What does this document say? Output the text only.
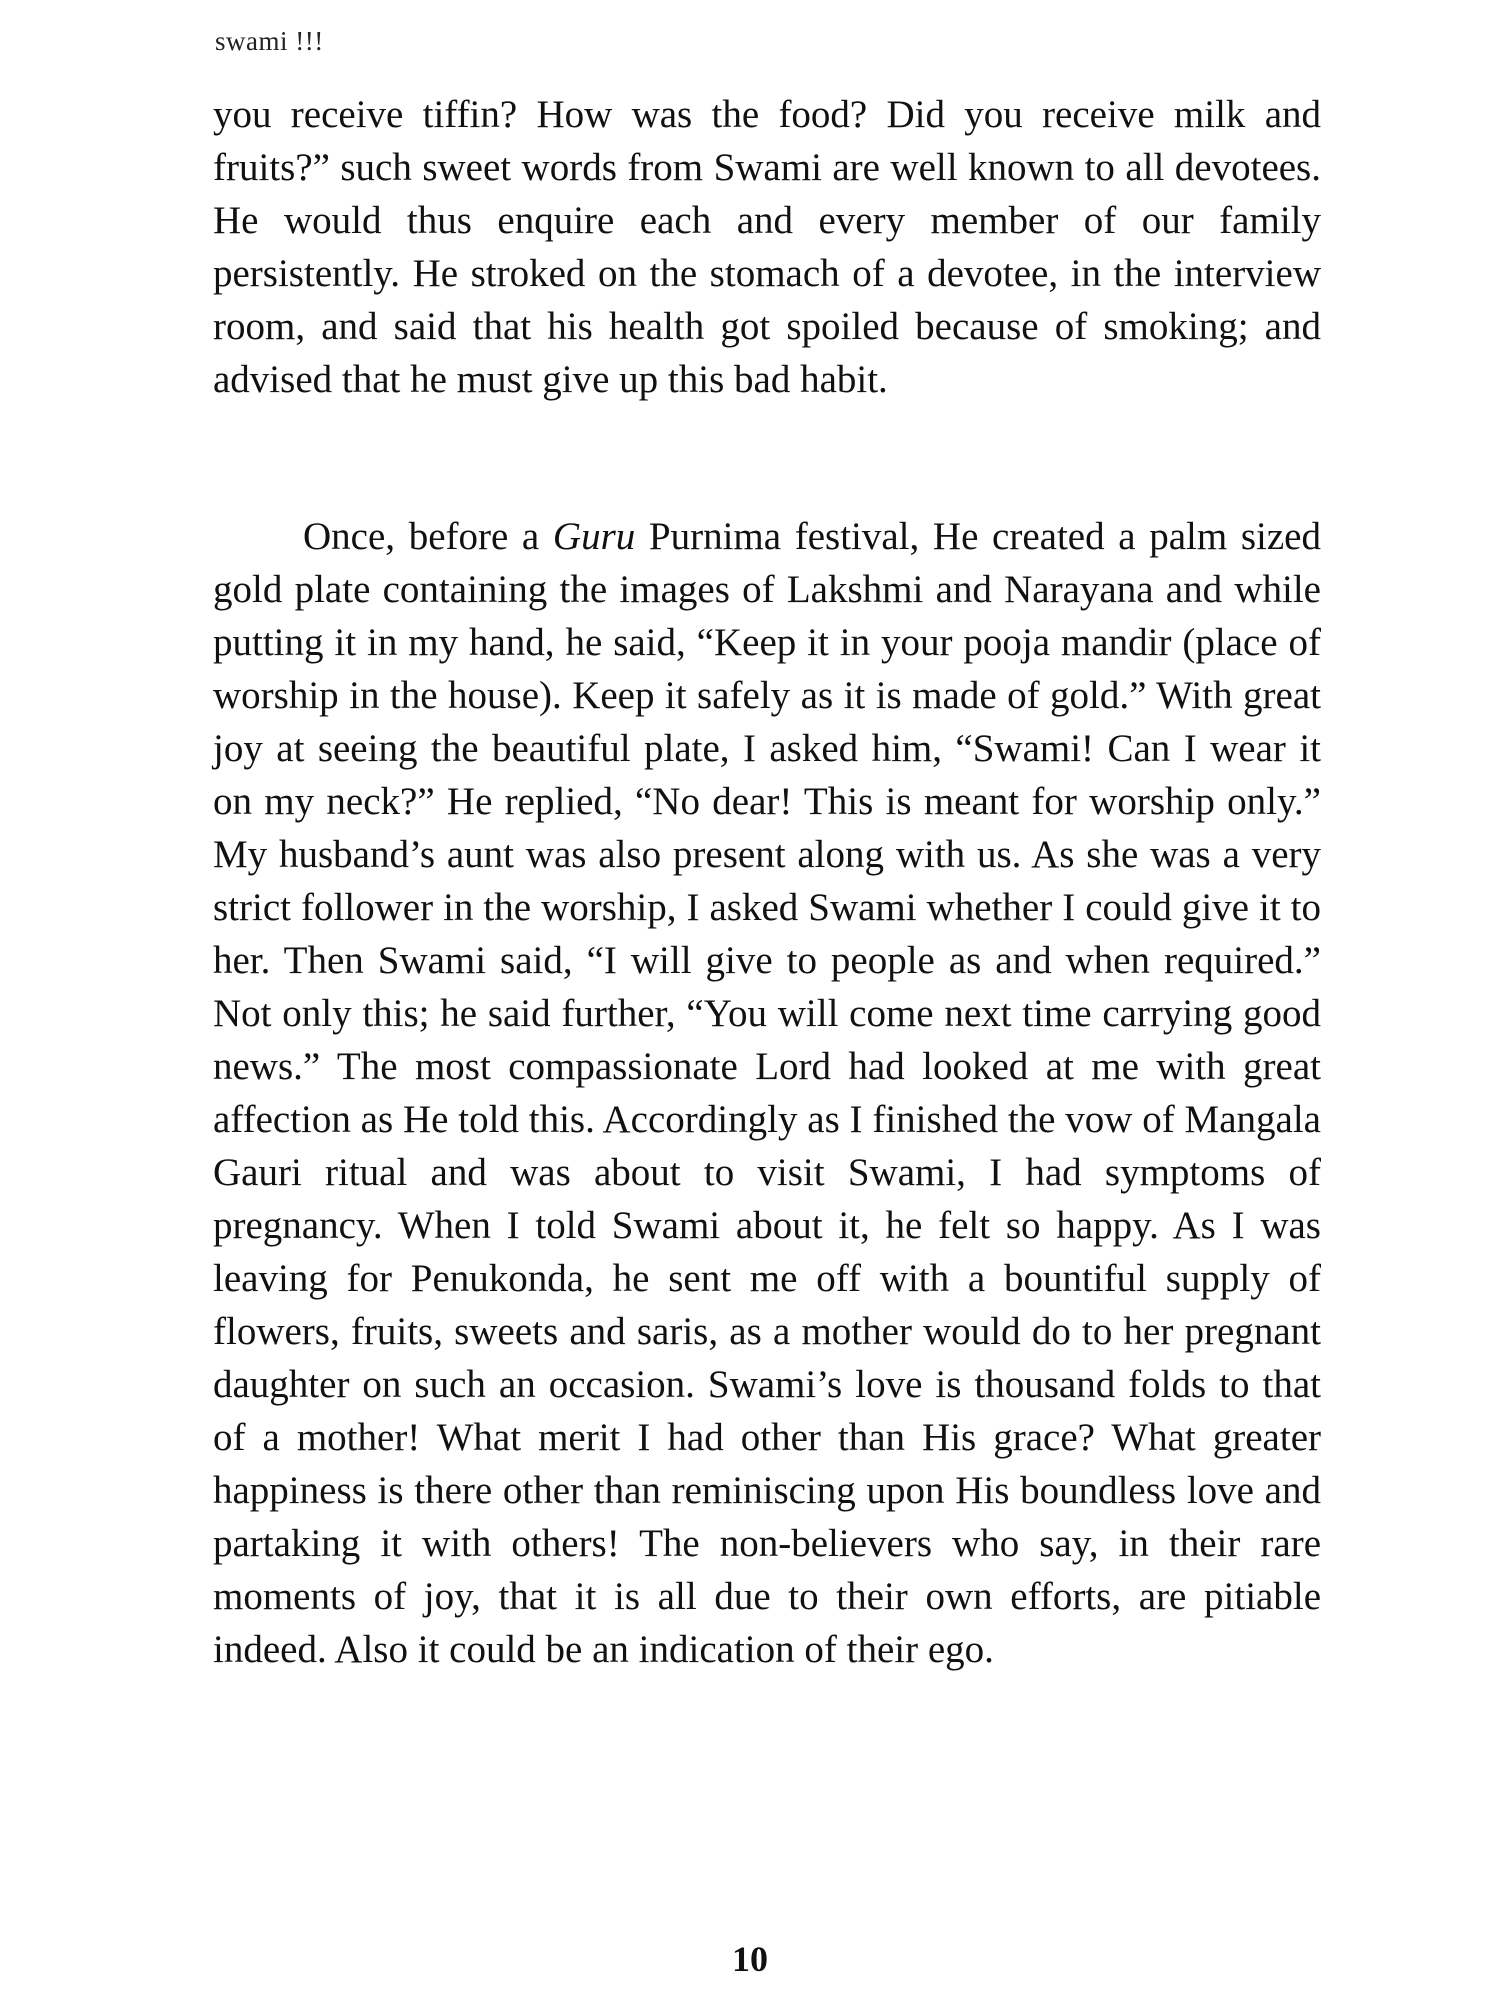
swami !!!

you receive tiffin? How was the food? Did you receive milk and fruits?” such sweet words from Swami are well known to all devotees. He would thus enquire each and every member of our family persistently. He stroked on the stomach of a devotee, in the interview room, and said that his health got spoiled because of smoking; and advised that he must give up this bad habit.

Once, before a Guru Purnima festival, He created a palm sized gold plate containing the images of Lakshmi and Narayana and while putting it in my hand, he said, “Keep it in your pooja mandir (place of worship in the house). Keep it safely as it is made of gold.” With great joy at seeing the beautiful plate, I asked him, “Swami! Can I wear it on my neck?” He replied, “No dear! This is meant for worship only.” My husband’s aunt was also present along with us. As she was a very strict follower in the worship, I asked Swami whether I could give it to her. Then Swami said, “I will give to people as and when required.” Not only this; he said further, “You will come next time carrying good news.” The most compassionate Lord had looked at me with great affection as He told this. Accordingly as I finished the vow of Mangala Gauri ritual and was about to visit Swami, I had symptoms of pregnancy. When I told Swami about it, he felt so happy. As I was leaving for Penukonda, he sent me off with a bountiful supply of flowers, fruits, sweets and saris, as a mother would do to her pregnant daughter on such an occasion. Swami’s love is thousand folds to that of a mother! What merit I had other than His grace? What greater happiness is there other than reminiscing upon His boundless love and partaking it with others! The non-believers who say, in their rare moments of joy, that it is all due to their own efforts, are pitiable indeed. Also it could be an indication of their ego.

10
